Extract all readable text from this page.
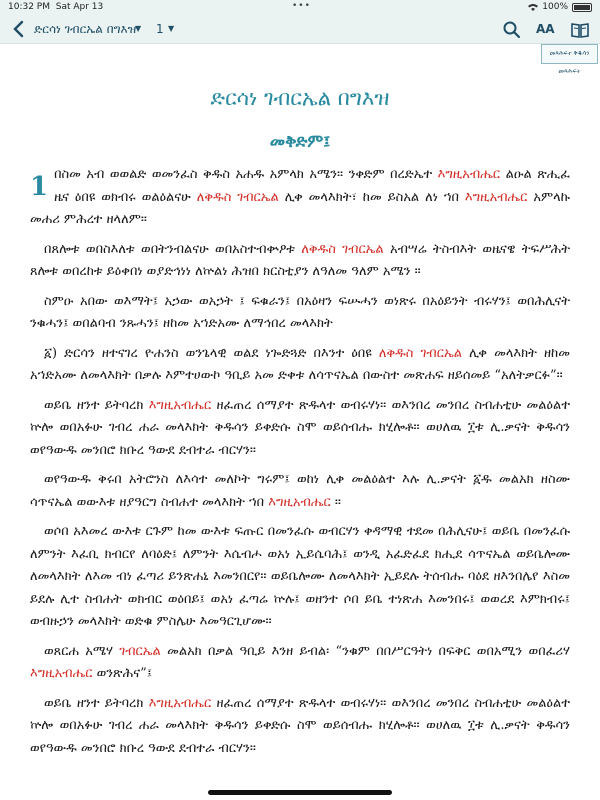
10:32 PM Sat Apr 13	•••	100%
ድርሳነ ገብርኤል በግእዝ
▼ 1 ▼	AA
መጻሕፍተ ቅዱሳን መጻሕፍት
ድርሳነ ገብርኤል በግእዝ
መቅድም፤

1 በስመ አብ ወወልድ ወመንፈስ ቅዱስ አሐዱ አምላክ አሜን። ንቀድም በረድኤተ እግዚአብሔር ልዑል ጽሒፈ ዜና ዕበዩ ወክብሩ ወልዕልናሁ ለቅዱስ ገብርኤል ሊቀ መላእክት፣ ከመ ይስአል ለነ ኀበ እግዚአብሔር አምላኩ መሐሪ ምሕረተ ዘላለም፡፡

በጸሎቱ ወበስእለቱ ወበትንብልናሁ ወበአስተብቍዖቱ ለቅዱስ ገብርኤል አብሣሬ ትስብእት ወዜናዌ ትፍሥሕት ጸሎቱ ወበረከቱ ይዕቀበነ ወያድኅነነ ለኵልነ ሕዝበ ክርስቲያን ለዓለመ ዓለም አሜን ።

ስምዑ አበው ወእማት፤ አኃው ወአኃት ፤ ፍቁራን፤ በአዕዛን ፍሡሓን ወነጽሩ በአዕይንት ብሩሃን፤ ወበሕሊናት ንቁሓን፤ ወበልባብ ንጹሓን፤ ዘከመ አኀድአሙ ለማኅበረ መላእክት

፩) ድርሳን ዘተናገረ ዮሐንስ ወንጌላዊ ወልደ ነጐድጓድ በእንተ ዕበዩ ለቅዱስ ገብርኤል ሊቀ መላእክት ዘከመ አኀድአሙ ለመላእክት በቃሉ እምተሀውኮ ዓቢይ አመ ድቀቱ ለሳጥናኤል በውስተ መጽሐፍ ዘይሰመይ “አለትቃርፉ”።

ወይቤ ዘንተ ይትባረክ እግዚአብሔር ዘፈጠረ ሰማያተ ጽዱላተ ወብሩሃነ። ወእንበረ መንበረ ስብሐቲሁ መልዕልተ ኵሎ ወበአፉሁ ገብረ ሐራ መላእክት ቅዱሳን ይቀድሱ ስሞ ወይሰብሑ ክሂሎቶ። ወሀለዉ ፲ቱ ሊ.ቃናት ቅዱሳን ወየዓውዱ መንበሮ ክቡረ ዓውደ ደብተራ ብርሃን።

ወየዓውዱ ቅሩበ አትሮንስ ለእሳተ መለኮት ግሩም፤ ወከነ ሊቀ መልዕልተ እሉ ሊ.ቃናት ፩ዱ መልአክ ዘስሙ ሳጥናኤል ወውእቱ ዘያዓርግ ስብሐተ መላእክት ኀበ እግዚአብሔር ።

ወሶበ አእመረ ውእቱ ርጉም ከመ ውእቱ ፍጡር በመንፈሱ ወብርሃን ቀዳማዊ ተደመ በሕሊናሁ፤ ወይቤ በመንፈሱ ለምንት እፈቢ ክብርየ ለባዕድ፤ ለምንት እሴብሖ ወአነ ኢይሴባሕ፤ ወንዲ አፈድፈደ ክሒደ ሳጥናኤል ወይቤሎሙ ለመላእክት ለእመ ብነ ፈጣሪ ይንጽሐኒ እመንበርየ። ወይቤሎሙ ለመላእክት ኢይደሉ ትሰብሑ ባዕደ ዘእንበሌየ እስመ ይደሉ ሊተ ስብሐት ወክብር ወዕበይ፤ ወአነ ፈጣሬ ኵሉ፤ ወዘንተ ሶበ ይቤ ተነጽሐ እመንበሩ፤ ወወረደ እምክብሩ፤ ወብዙኃን መላእክት ወድቁ ምስሌሁ እመዓርጊሆሙ።

ወጸርሐ አሜሃ ገብርኤል መልአክ በቃል ዓቢይ እንዘ ይብል፡ “ንቁም በበሥርዓትነ በፍቅር ወበአሚን ወበፈሪሃ እግዚአብሔር ወንጽሕና”፤

ወይቤ ዘንተ ይትባረክ እግዚአብሔር ዘፈጠረ ሰማያተ ጽዱላተ ወብሩሃነ። ወእንበረ መንበረ ስብሐቲሁ መልዕልተ ኵሎ ወበአፉሁ ገብረ ሐራ መላእክት ቅዱሳን ይቀድሱ ስሞ ወይሰብሑ ክሂሎቶ። ወሀለዉ ፲ቱ ሊ.ቃናት ቅዱሳን ወየዓውዱ መንበሮ ክቡረ ዓውደ ደብተራ ብርሃን።
